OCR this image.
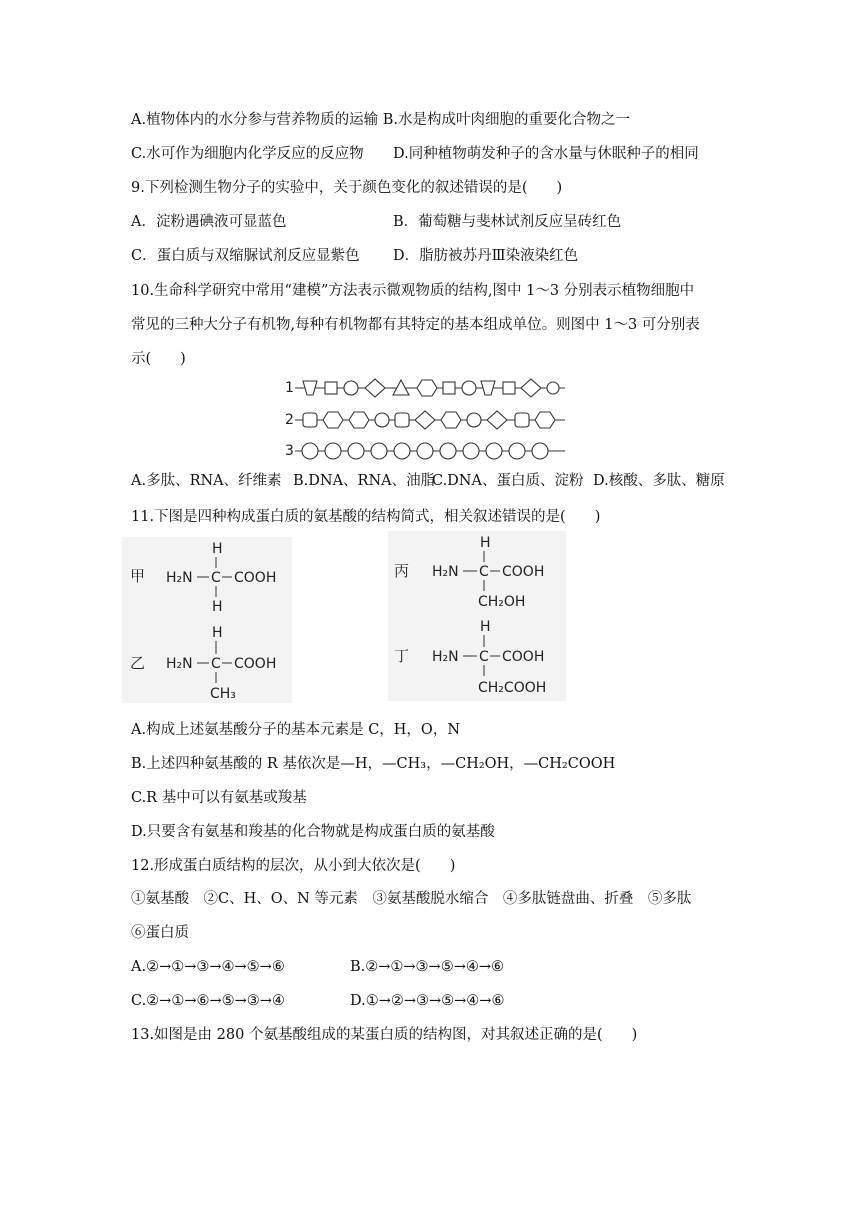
A.植物体内的水分参与营养物质的运输 B.水是构成叶肉细胞的重要化合物之一
C.水可作为细胞内化学反应的反应物 D.同种植物萌发种子的含水量与休眠种子的相同
9.下列检测生物分子的实验中，关于颜色变化的叙述错误的是(　　)
A．淀粉遇碘液可显蓝色	B．葡萄糖与斐林试剂反应呈砖红色
C．蛋白质与双缩脲试剂反应显紫色 D．脂肪被苏丹Ⅲ染液染红色
10.生命科学研究中常用“建模”方法表示微观物质的结构,图中 1～3 分别表示植物细胞中
常见的三种大分子有机物,每种有机物都有其特定的基本组成单位。则图中 1～3 可分别表
示(　　)
1
2
3
A.多肽、RNA、纤维素 B.DNA、RNA、油脂
C.DNA、蛋白质、淀粉 D.核酸、多肽、糖原
11.下图是四种构成蛋白质的氨基酸的结构简式，相关叙述错误的是(　　)
甲 H₂N C COOH
H
H
乙 H₂N C COOH
H
CH₃
丙 H₂N C COOH
H
CH₂OH
丁 H₂N C COOH
H
CH₂COOH
A.构成上述氨基酸分子的基本元素是 C，H，O，N
B.上述四种氨基酸的 R 基依次是—H，—CH₃，—CH₂OH，—CH₂COOH
C.R 基中可以有氨基或羧基
D.只要含有氨基和羧基的化合物就是构成蛋白质的氨基酸
12.形成蛋白质结构的层次，从小到大依次是(　　)
①氨基酸　②C、H、O、N 等元素　③氨基酸脱水缩合　④多肽链盘曲、折叠　⑤多肽
⑥蛋白质
A.②→①→③→④→⑤→⑥	B.②→①→③→⑤→④→⑥
C.②→①→⑥→⑤→③→④	D.①→②→③→⑤→④→⑥
13.如图是由 280 个氨基酸组成的某蛋白质的结构图，对其叙述正确的是(　　)
